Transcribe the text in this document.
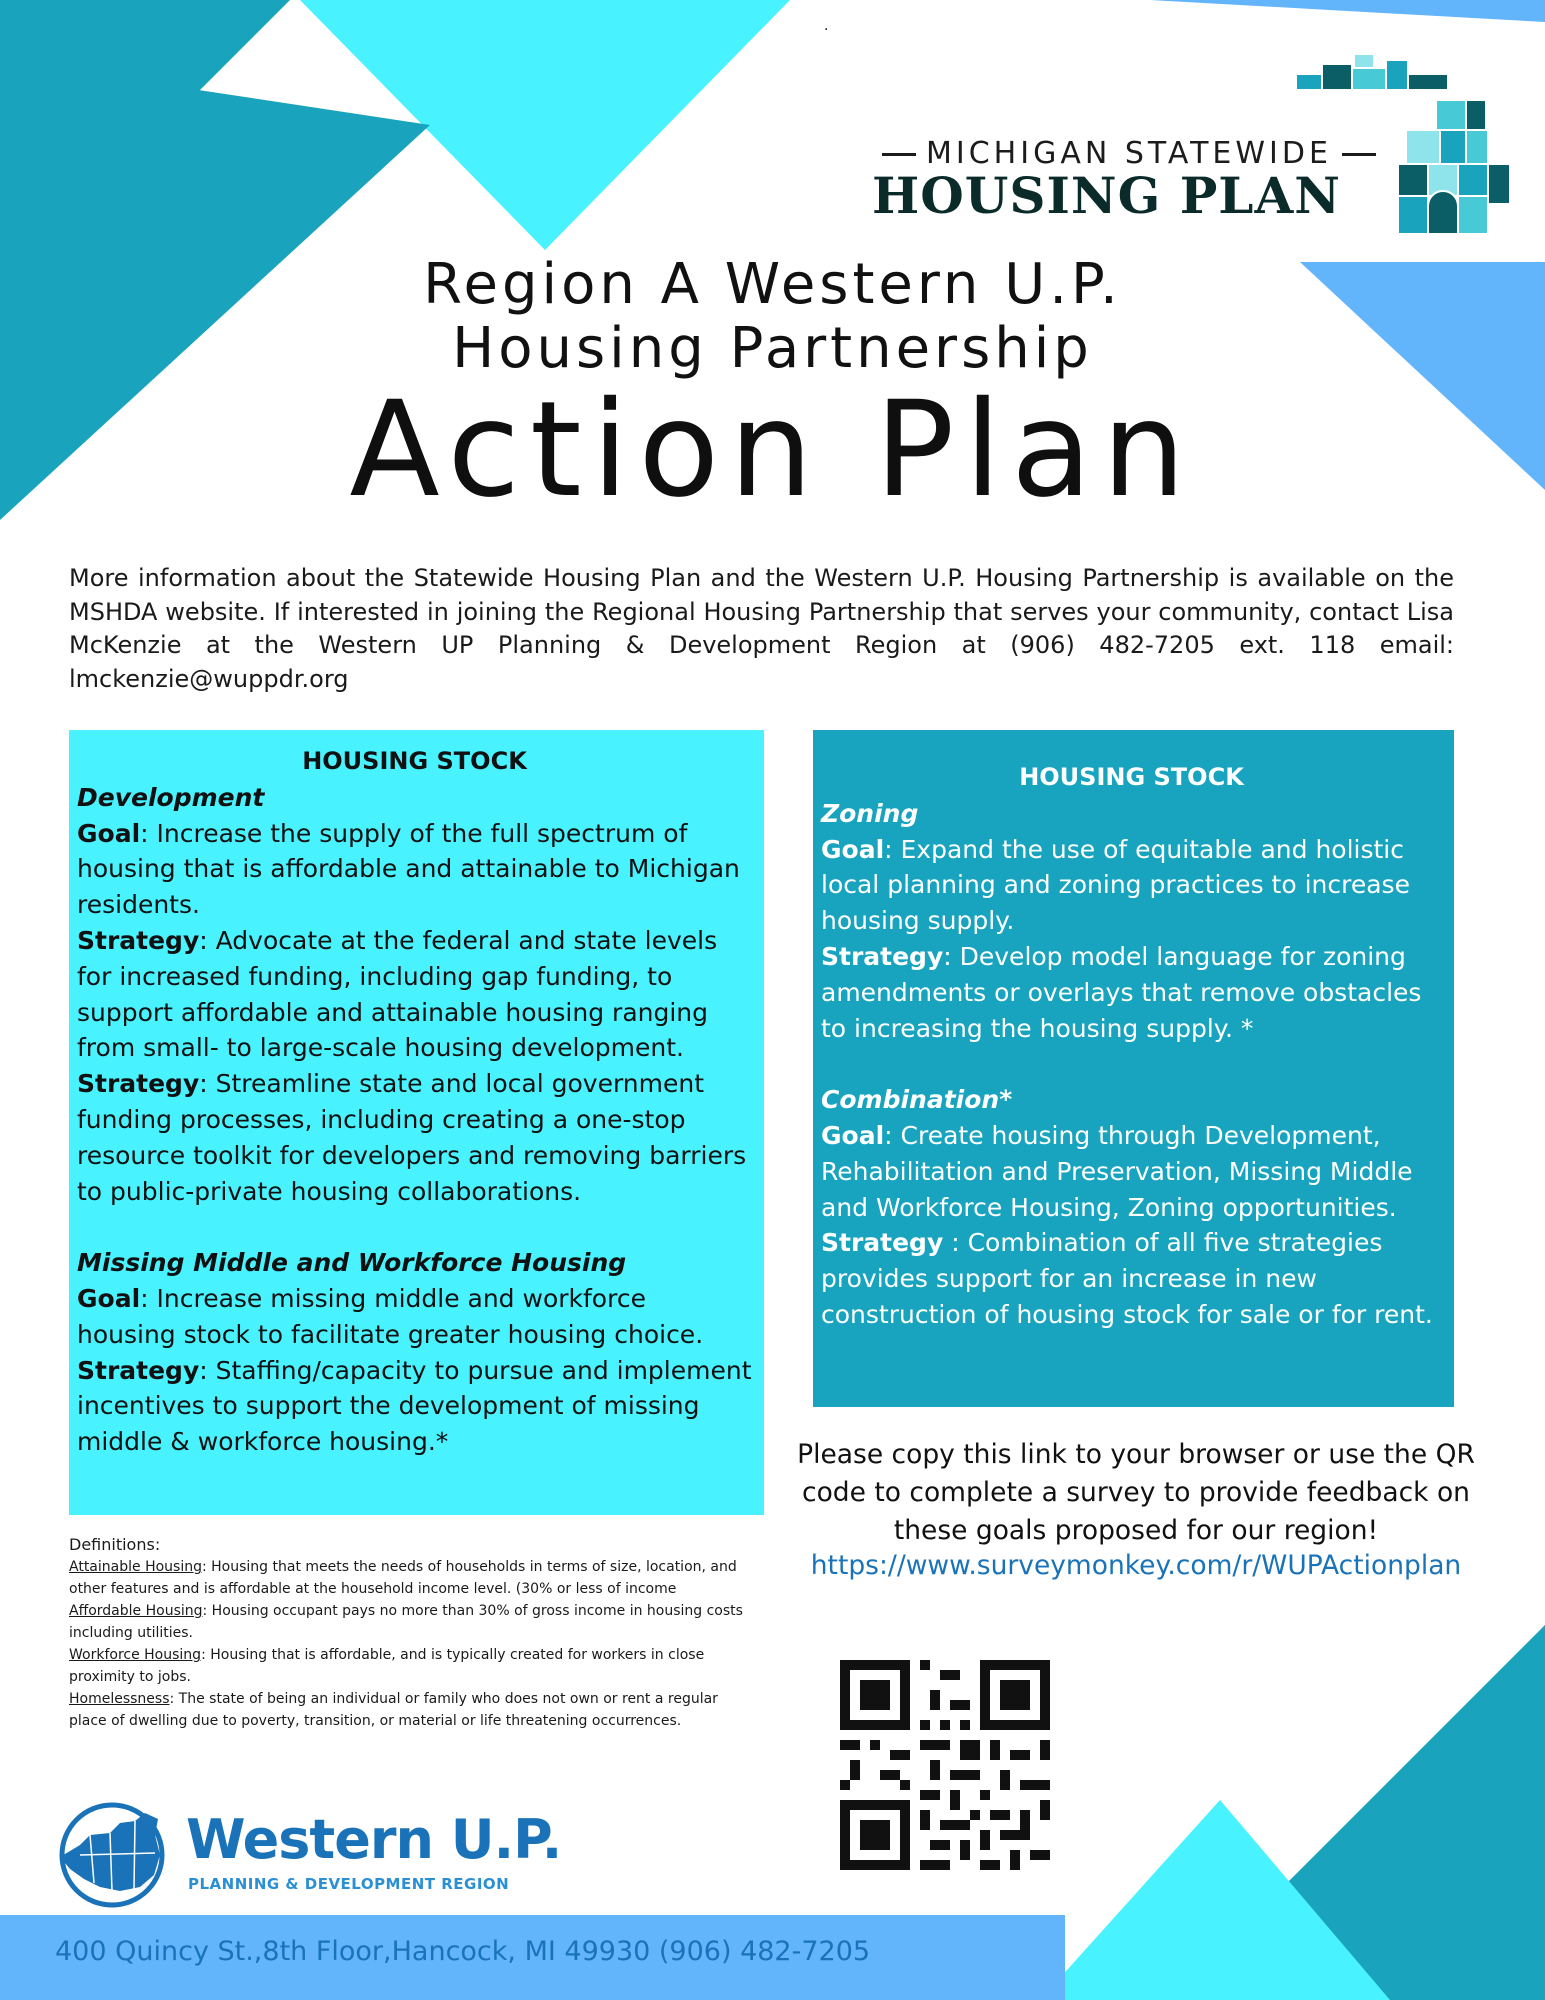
.
MICHIGAN STATEWIDE
HOUSING PLAN
Region A Western U.P.
Housing Partnership
Action Plan
More information about the Statewide Housing Plan and the Western U.P. Housing Partnership is available on the MSHDA website. If interested in joining the Regional Housing Partnership that serves your community, contact Lisa McKenzie at the Western UP Planning & Development Region at (906) 482-7205 ext. 118 email: lmckenzie@wuppdr.org
HOUSING STOCK
Development
Goal: Increase the supply of the full spectrum of housing that is affordable and attainable to Michigan residents.
Strategy: Advocate at the federal and state levels for increased funding, including gap funding, to support affordable and attainable housing ranging from small- to large-scale housing development.
Strategy: Streamline state and local government funding processes, including creating a one-stop resource toolkit for developers and removing barriers to public-private housing collaborations.
Missing Middle and Workforce Housing
Goal: Increase missing middle and workforce housing stock to facilitate greater housing choice.
Strategy: Staffing/capacity to pursue and implement incentives to support the development of missing middle & workforce housing.*
HOUSING STOCK
Zoning
Goal: Expand the use of equitable and holistic local planning and zoning practices to increase housing supply.
Strategy: Develop model language for zoning amendments or overlays that remove obstacles to increasing the housing supply. *
Combination*
Goal: Create housing through Development, Rehabilitation and Preservation, Missing Middle and Workforce Housing, Zoning opportunities.
Strategy : Combination of all five strategies provides support for an increase in new construction of housing stock for sale or for rent.
Definitions:
Attainable Housing: Housing that meets the needs of households in terms of size, location, and other features and is affordable at the household income level. (30% or less of income
Affordable Housing: Housing occupant pays no more than 30% of gross income in housing costs including utilities.
Workforce Housing: Housing that is affordable, and is typically created for workers in close proximity to jobs.
Homelessness: The state of being an individual or family who does not own or rent a regular place of dwelling due to poverty, transition, or material or life threatening occurrences.
Please copy this link to your browser or use the QR code to complete a survey to provide feedback on these goals proposed for our region!
https://www.surveymonkey.com/r/WUPActionplan
Western U.P.
PLANNING & DEVELOPMENT REGION
400 Quincy St.,8th Floor,Hancock, MI 49930 (906) 482-7205
